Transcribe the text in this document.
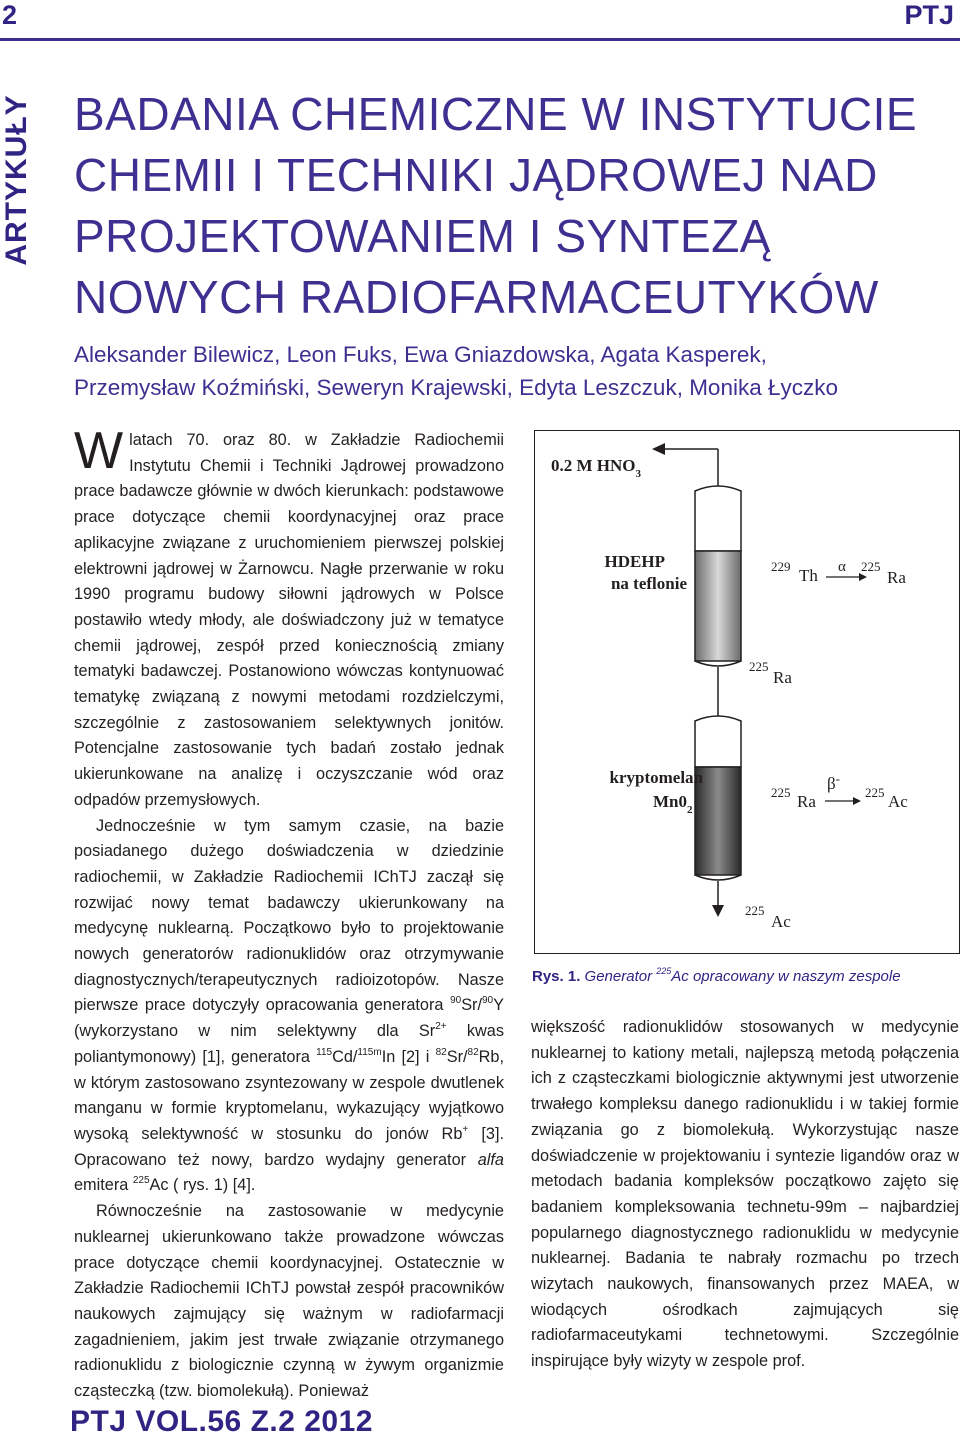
2	PTJ
ARTYKUŁY BADANIA CHEMICZNE W INSTYTUCIE CHEMII I TECHNIKI JĄDROWEJ NAD PROJEKTOWANIEM I SYNTEZĄ NOWYCH RADIOFARMACEUTYKÓW
Aleksander Bilewicz, Leon Fuks, Ewa Gniazdowska, Agata Kasperek,
Przemysław Koźmiński, Seweryn Krajewski, Edyta Leszczuk, Monika Łyczko

Wlatach 70. oraz 80. w Zakładzie Radiochemii Instytutu Chemii i Techniki Jądrowej prowadzono prace badawcze głównie w dwóch kierunkach: podstawowe prace dotyczące chemii koordynacyjnej oraz prace aplikacyjne związane z uruchomieniem pierwszej polskiej elektrowni jądrowej w Żarnowcu. Nagłe przerwanie w roku 1990 programu budowy siłowni jądrowych w Polsce postawiło wtedy młody, ale doświadczony już w tematyce chemii jądrowej, zespół przed koniecznością zmiany tematyki badawczej. Postanowiono wówczas kontynuować tematykę związaną z nowymi metodami rozdzielczymi, szczególnie z zastosowaniem selektywnych jonitów. Potencjalne zastosowanie tych badań zostało jednak ukierunkowane na analizę i oczyszczanie wód oraz odpadów przemysłowych.

Jednocześnie w tym samym czasie, na bazie posiadanego dużego doświadczenia w dziedzinie radiochemii, w Zakładzie Radiochemii IChTJ zaczął się rozwijać nowy temat badawczy ukierunkowany na medycynę nuklearną. Początkowo było to projektowanie nowych generatorów radionuklidów oraz otrzymywanie diagnostycznych/terapeutycznych radioizotopów. Nasze pierwsze prace dotyczyły opracowania generatora $^{90}$Sr/$^{90}$Y (wykorzystano w nim selektywny dla $Sr^{2+}$ kwas poliantymonowy) [1], generatora $^{115}$Cd/$^{115m}$In [2] i $^{82}$Sr/$^{82}$Rb, w którym zastosowano zsyntezowany w zespole dwutlenek manganu w formie kryptomelanu, wykazujący wyjątkowo wysoką selektywność w stosunku do jonów Rb+ [3]. Opracowano też nowy, bardzo wydajny generator alfa emitera $^{225}$Ac ( rys. 1) [4].

Równocześnie na zastosowanie w medycynie nuklearnej ukierunkowano także prowadzone wówczas prace dotyczące chemii koordynacyjnej. Ostatecznie w Zakładzie Radiochemii IChTJ powstał zespół pracowników naukowych zajmujący się ważnym w radiofarmacji zagadnieniem, jakim jest trwałe związanie otrzymanego radionuklidu z biologicznie czynną w żywym organizmie cząsteczką (tzw. biomolekułą). Ponieważ

0.2 M $HNO_3$
HDEHP
na teflonie
229 Th α 225
Ra
225
Ra
kryptomelan
$Mn0_2$
225 Ra
β-
225 Ac
225
Ac
Rys. 1. Generator $^{225}$Ac opracowany w naszym zespole

większość radionuklidów stosowanych w medycynie nuklearnej to kationy metali, najlepszą metodą połączenia ich z cząsteczkami biologicznie aktywnymi jest utworzenie trwałego kompleksu danego radionuklidu i w takiej formie związania go z biomolekułą. Wykorzystując nasze doświadczenie w projektowaniu i syntezie ligandów oraz w metodach badania kompleksów początkowo zajęto się badaniem kompleksowania technetu-99m – najbardziej popularnego diagnostycznego radionuklidu w medycynie nuklearnej. Badania te nabrały rozmachu po trzech wizytach naukowych, finansowanych przez MAEA, w wiodących ośrodkach zajmujących się radiofarmaceutykami technetowymi. Szczególnie inspirujące były wizyty w zespole prof.

PTJ VOL.56 Z.2 2012
